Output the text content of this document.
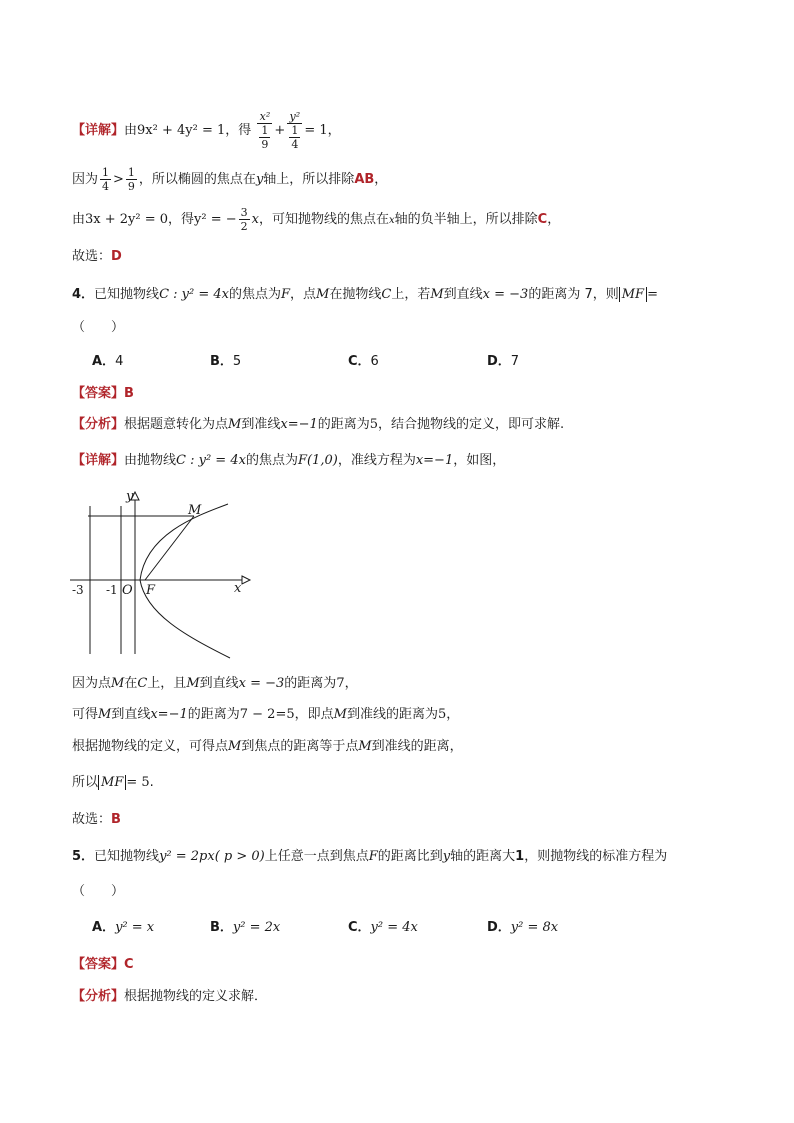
【详解】由9x² + 4y² = 1，得 x²
1
9 + y²
1
4 = 1，
因为 $\frac{1}{4} > \frac{1}{9}$ ，所以椭圆的焦点在y轴上，所以排除AB，
由3x + 2y² = 0，得y² = − $\frac{3}{2}$ x，可知抛物线的焦点在x轴的负半轴上，所以排除C，
故选：D
4．已知抛物线C : y² = 4x的焦点为F，点M在抛物线C上，若M到直线x = −3的距离为 7，则 MF =
（　　）
A．4	B．5	C．6	D．7
【答案】B
【分析】根据题意转化为点M到准线x=−1的距离为5，结合抛物线的定义，即可求解.
【详解】由抛物线C : y² = 4x的焦点为F(1,0)，准线方程为x=−1，如图，
y
x
M
F
O
-3 -1
因为点M在C上，且M到直线x = −3的距离为7，
可得M到直线x=−1的距离为7 − 2=5，即点M到准线的距离为5，
根据抛物线的定义，可得点M到焦点的距离等于点M到准线的距离，
所以 MF = 5.
故选：B
5．已知抛物线y² = 2px( p > 0)上任意一点到焦点F的距离比到y轴的距离大1，则抛物线的标准方程为
（　　）
A．y² = x	B．y² = 2x	C．y² = 4x	D．y² = 8x
【答案】C
【分析】根据抛物线的定义求解．
